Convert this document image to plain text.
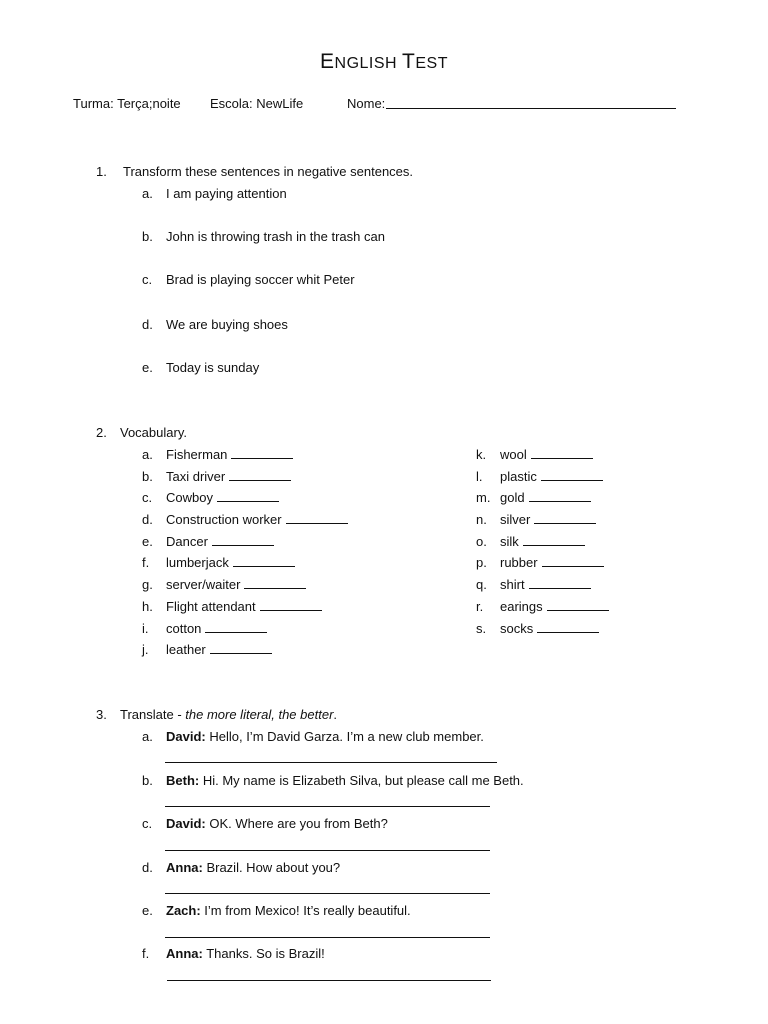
ENGLISH TEST
Turma: Terça;noite Escola: NewLife	Nome:
1. Transform these sentences in negative sentences.
a. I am paying attention
b. John is throwing trash in the trash can
c. Brad is playing soccer whit Peter
d. We are buying shoes
e. Today is sunday
2. Vocabulary.
a. Fisherman
b. Taxi driver
c. Cowboy
d. Construction worker
e. Dancer
f. lumberjack
g. server/waiter
h. Flight attendant
i. cotton
j. leather
k. wool
l. plastic
m. gold
n. silver
o. silk
p. rubber
q. shirt
r. earings
s. socks
3. Translate - the more literal, the better.
a. David: Hello, I’m David Garza. I’m a new club member.
b. Beth: Hi. My name is Elizabeth Silva, but please call me Beth.
c. David: OK. Where are you from Beth?
d. Anna: Brazil. How about you?
e. Zach: I’m from Mexico! It’s really beautiful.
f. Anna: Thanks. So is Brazil!
